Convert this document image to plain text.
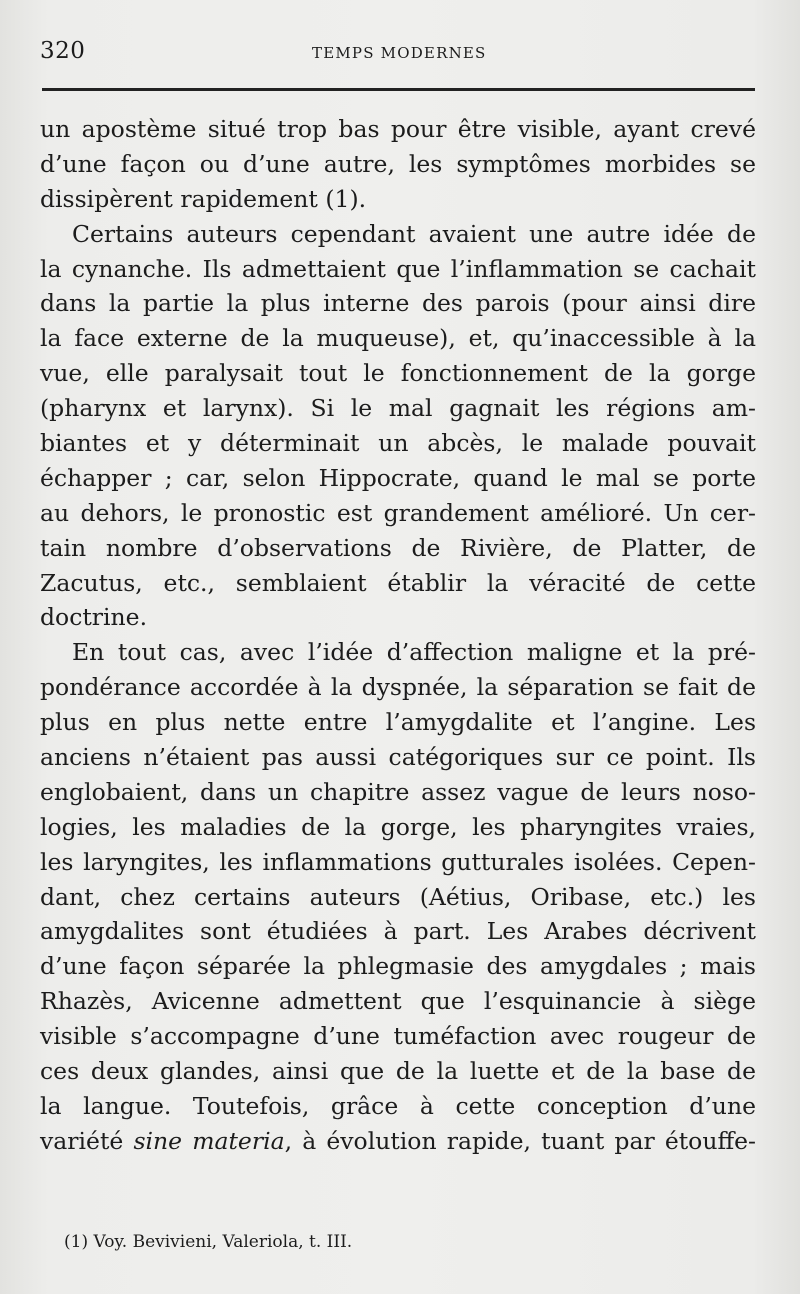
320	TEMPS MODERNES
un apostème situé trop bas pour être visible, ayant crevé
d’une façon ou d’une autre, les symptômes morbides se
dissipèrent rapidement (1).
Certains auteurs cependant avaient une autre idée de
la cynanche. Ils admettaient que l’inflammation se cachait
dans la partie la plus interne des parois (pour ainsi dire
la face externe de la muqueuse), et, qu’inaccessible à la
vue, elle paralysait tout le fonctionnement de la gorge
(pharynx et larynx). Si le mal gagnait les régions am-
biantes et y déterminait un abcès, le malade pouvait
échapper ; car, selon Hippocrate, quand le mal se porte
au dehors, le pronostic est grandement amélioré. Un cer-
tain nombre d’observations de Rivière, de Platter, de
Zacutus, etc., semblaient établir la véracité de cette
doctrine.
En tout cas, avec l’idée d’affection maligne et la pré-
pondérance accordée à la dyspnée, la séparation se fait de
plus en plus nette entre l’amygdalite et l’angine. Les
anciens n’étaient pas aussi catégoriques sur ce point. Ils
englobaient, dans un chapitre assez vague de leurs noso-
logies, les maladies de la gorge, les pharyngites vraies,
les laryngites, les inflammations gutturales isolées. Cepen-
dant, chez certains auteurs (Aétius, Oribase, etc.) les
amygdalites sont étudiées à part. Les Arabes décrivent
d’une façon séparée la phlegmasie des amygdales ; mais
Rhazès, Avicenne admettent que l’esquinancie à siège
visible s’accompagne d’une tuméfaction avec rougeur de
ces deux glandes, ainsi que de la luette et de la base de
la langue. Toutefois, grâce à cette conception d’une
variété sine materia, à évolution rapide, tuant par étouffe-
(1) Voy. Bevivieni, Valeriola, t. III.
